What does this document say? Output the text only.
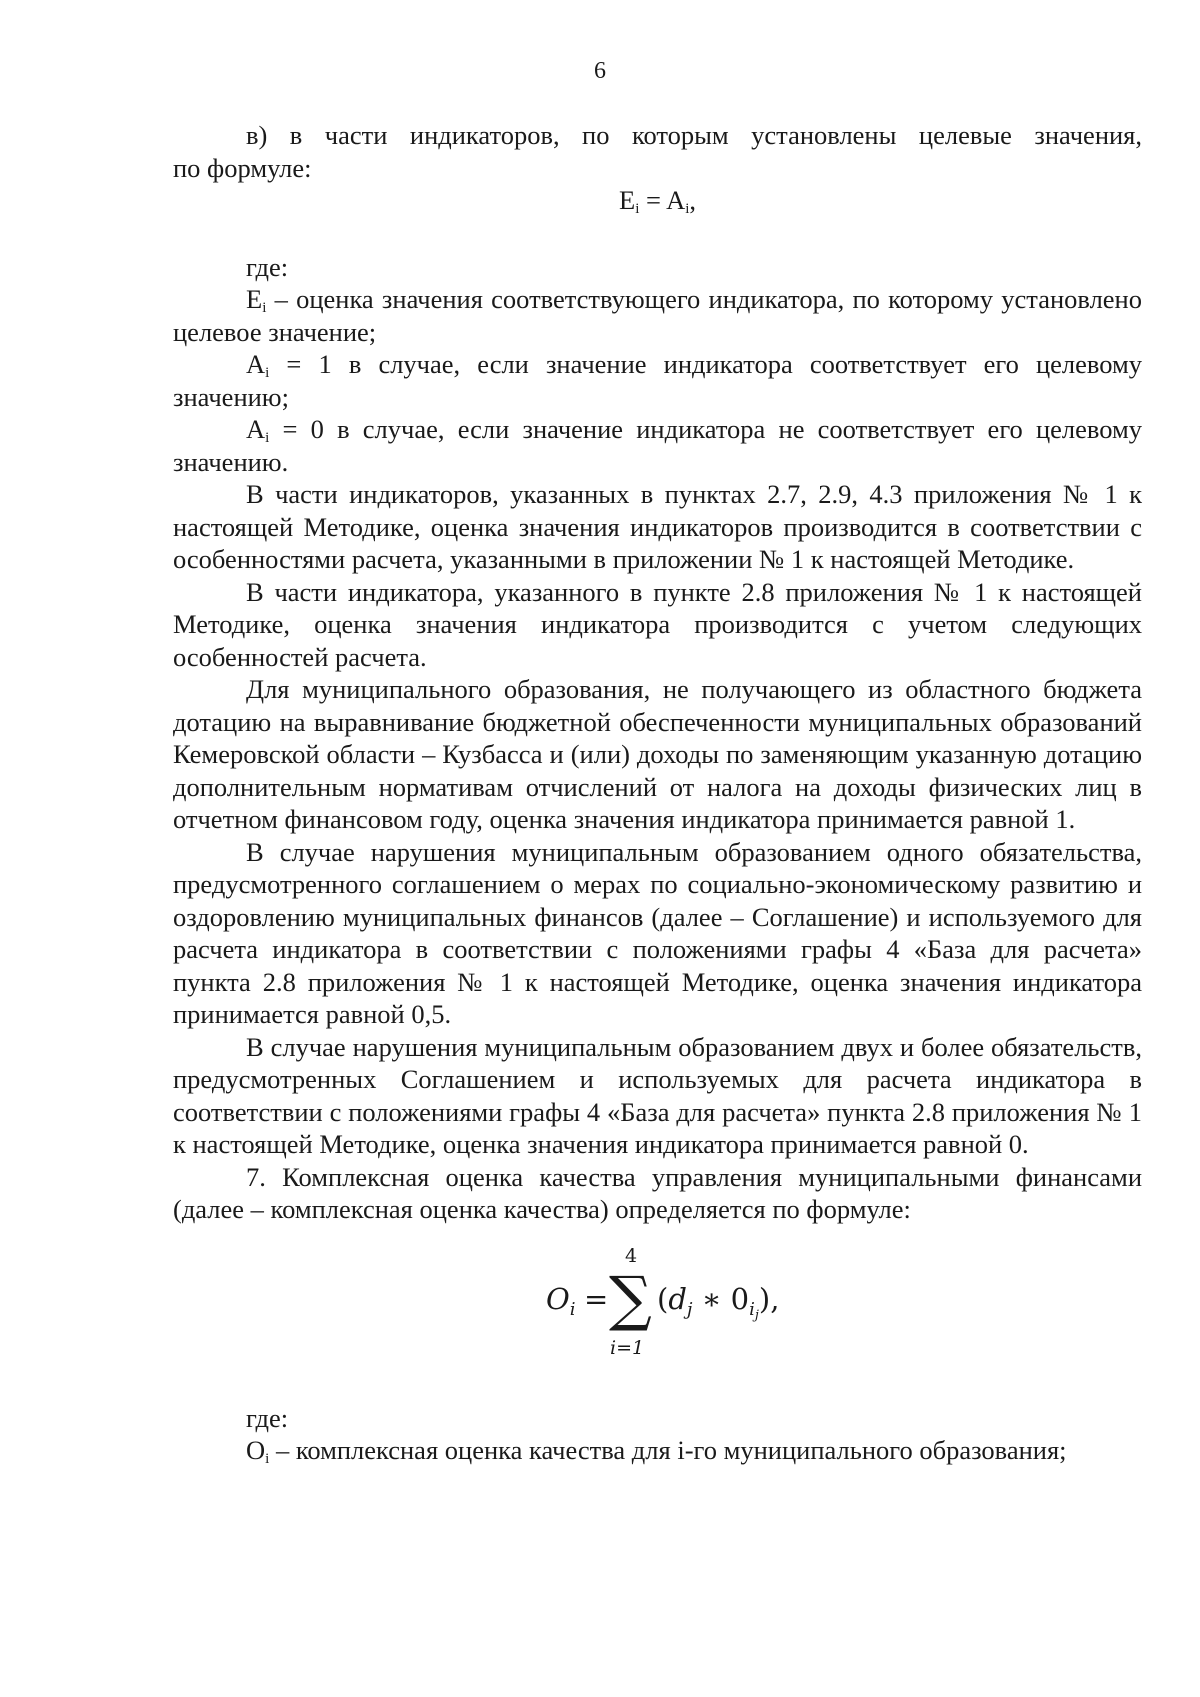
6

в) в части индикаторов, по которым установлены целевые значения,

по формуле:

$E_i = A_i$,

где:

$E_i$ – оценка значения соответствующего индикатора, по которому установлено целевое значение;

$A_i = 1$ в случае, если значение индикатора соответствует его целевому значению;

$A_i = 0$ в случае, если значение индикатора не соответствует его целевому значению.

В части индикаторов, указанных в пунктах 2.7, 2.9, 4.3 приложения № 1 к настоящей Методике, оценка значения индикаторов производится в соответствии с особенностями расчета, указанными в приложении № 1 к настоящей Методике.

В части индикатора, указанного в пункте 2.8 приложения № 1 к настоящей Методике, оценка значения индикатора производится с учетом следующих особенностей расчета.

Для муниципального образования, не получающего из областного бюджета дотацию на выравнивание бюджетной обеспеченности муниципальных образований Кемеровской области – Кузбасса и (или) доходы по заменяющим указанную дотацию дополнительным нормативам отчислений от налога на доходы физических лиц в отчетном финансовом году, оценка значения индикатора принимается равной 1.

В случае нарушения муниципальным образованием одного обязательства, предусмотренного соглашением о мерах по социально-экономическому развитию и оздоровлению муниципальных финансов (далее – Соглашение) и используемого для расчета индикатора в соответствии с положениями графы 4 «База для расчета» пункта 2.8 приложения № 1 к настоящей Методике, оценка значения индикатора принимается равной 0,5.

В случае нарушения муниципальным образованием двух и более обязательств, предусмотренных Соглашением и используемых для расчета индикатора в соответствии с положениями графы 4 «База для расчета» пункта 2.8 приложения № 1 к настоящей Методике, оценка значения индикатора принимается равной 0.

7. Комплексная оценка качества управления муниципальными финансами (далее – комплексная оценка качества) определяется по формуле:

$O_i$ =
4
∑
i=1
($d_j$ ∗ $0_{i_j}$),

где:

$O_i$ – комплексная оценка качества для i-го муниципального образования;
